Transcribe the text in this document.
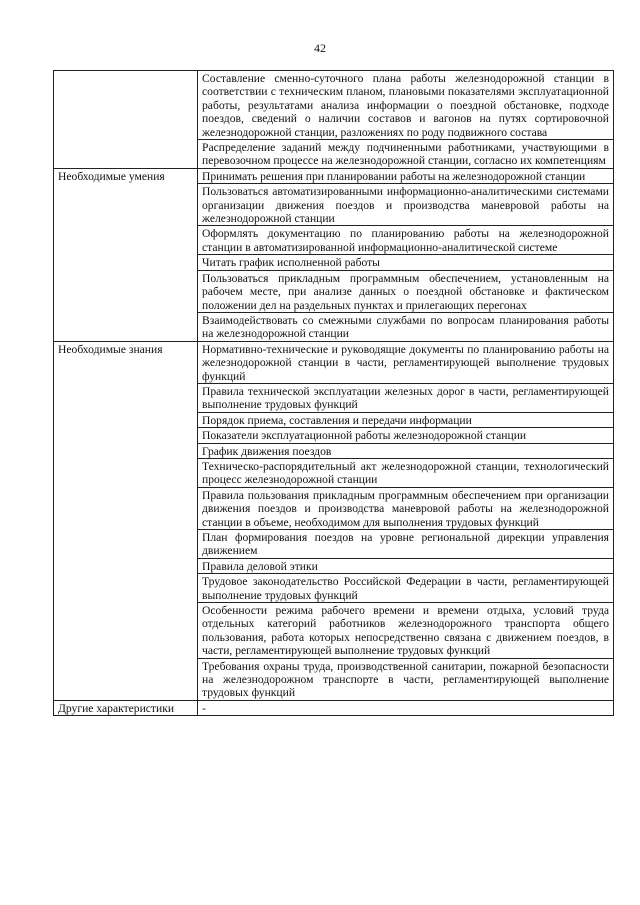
42
	Составление сменно-суточного плана работы железнодорожной станции в соответствии с техническим планом, плановыми показателями эксплуатационной работы, результатами анализа информации о поездной обстановке, подходе поездов, сведений о наличии составов и вагонов на путях сортировочной железнодорожной станции, разложениях по роду подвижного состава
	Распределение заданий между подчиненными работниками, участвующими в перевозочном процессе на железнодорожной станции, согласно их компетенциям
Необходимые умения	Принимать решения при планировании работы на железнодорожной станции
	Пользоваться автоматизированными информационно-аналитическими системами организации движения поездов и производства маневровой работы на железнодорожной станции
	Оформлять документацию по планированию работы на железнодорожной станции в автоматизированной информационно-аналитической системе
	Читать график исполненной работы
	Пользоваться прикладным программным обеспечением, установленным на рабочем месте, при анализе данных о поездной обстановке и фактическом положении дел на раздельных пунктах и прилегающих перегонах
	Взаимодействовать со смежными службами по вопросам планирования работы на железнодорожной станции
Необходимые знания	Нормативно-технические и руководящие документы по планированию работы на железнодорожной станции в части, регламентирующей выполнение трудовых функций
	Правила технической эксплуатации железных дорог в части, регламентирующей выполнение трудовых функций
	Порядок приема, составления и передачи информации
	Показатели эксплуатационной работы железнодорожной станции
	График движения поездов
	Техническо-распорядительный акт железнодорожной станции, технологический процесс железнодорожной станции
	Правила пользования прикладным программным обеспечением при организации движения поездов и производства маневровой работы на железнодорожной станции в объеме, необходимом для выполнения трудовых функций
	План формирования поездов на уровне региональной дирекции управления движением
	Правила деловой этики
	Трудовое законодательство Российской Федерации в части, регламентирующей выполнение трудовых функций
	Особенности режима рабочего времени и времени отдыха, условий труда отдельных категорий работников железнодорожного транспорта общего пользования, работа которых непосредственно связана с движением поездов, в части, регламентирующей выполнение трудовых функций
	Требования охраны труда, производственной санитарии, пожарной безопасности на железнодорожном транспорте в части, регламентирующей выполнение трудовых функций
Другие характеристики	-
